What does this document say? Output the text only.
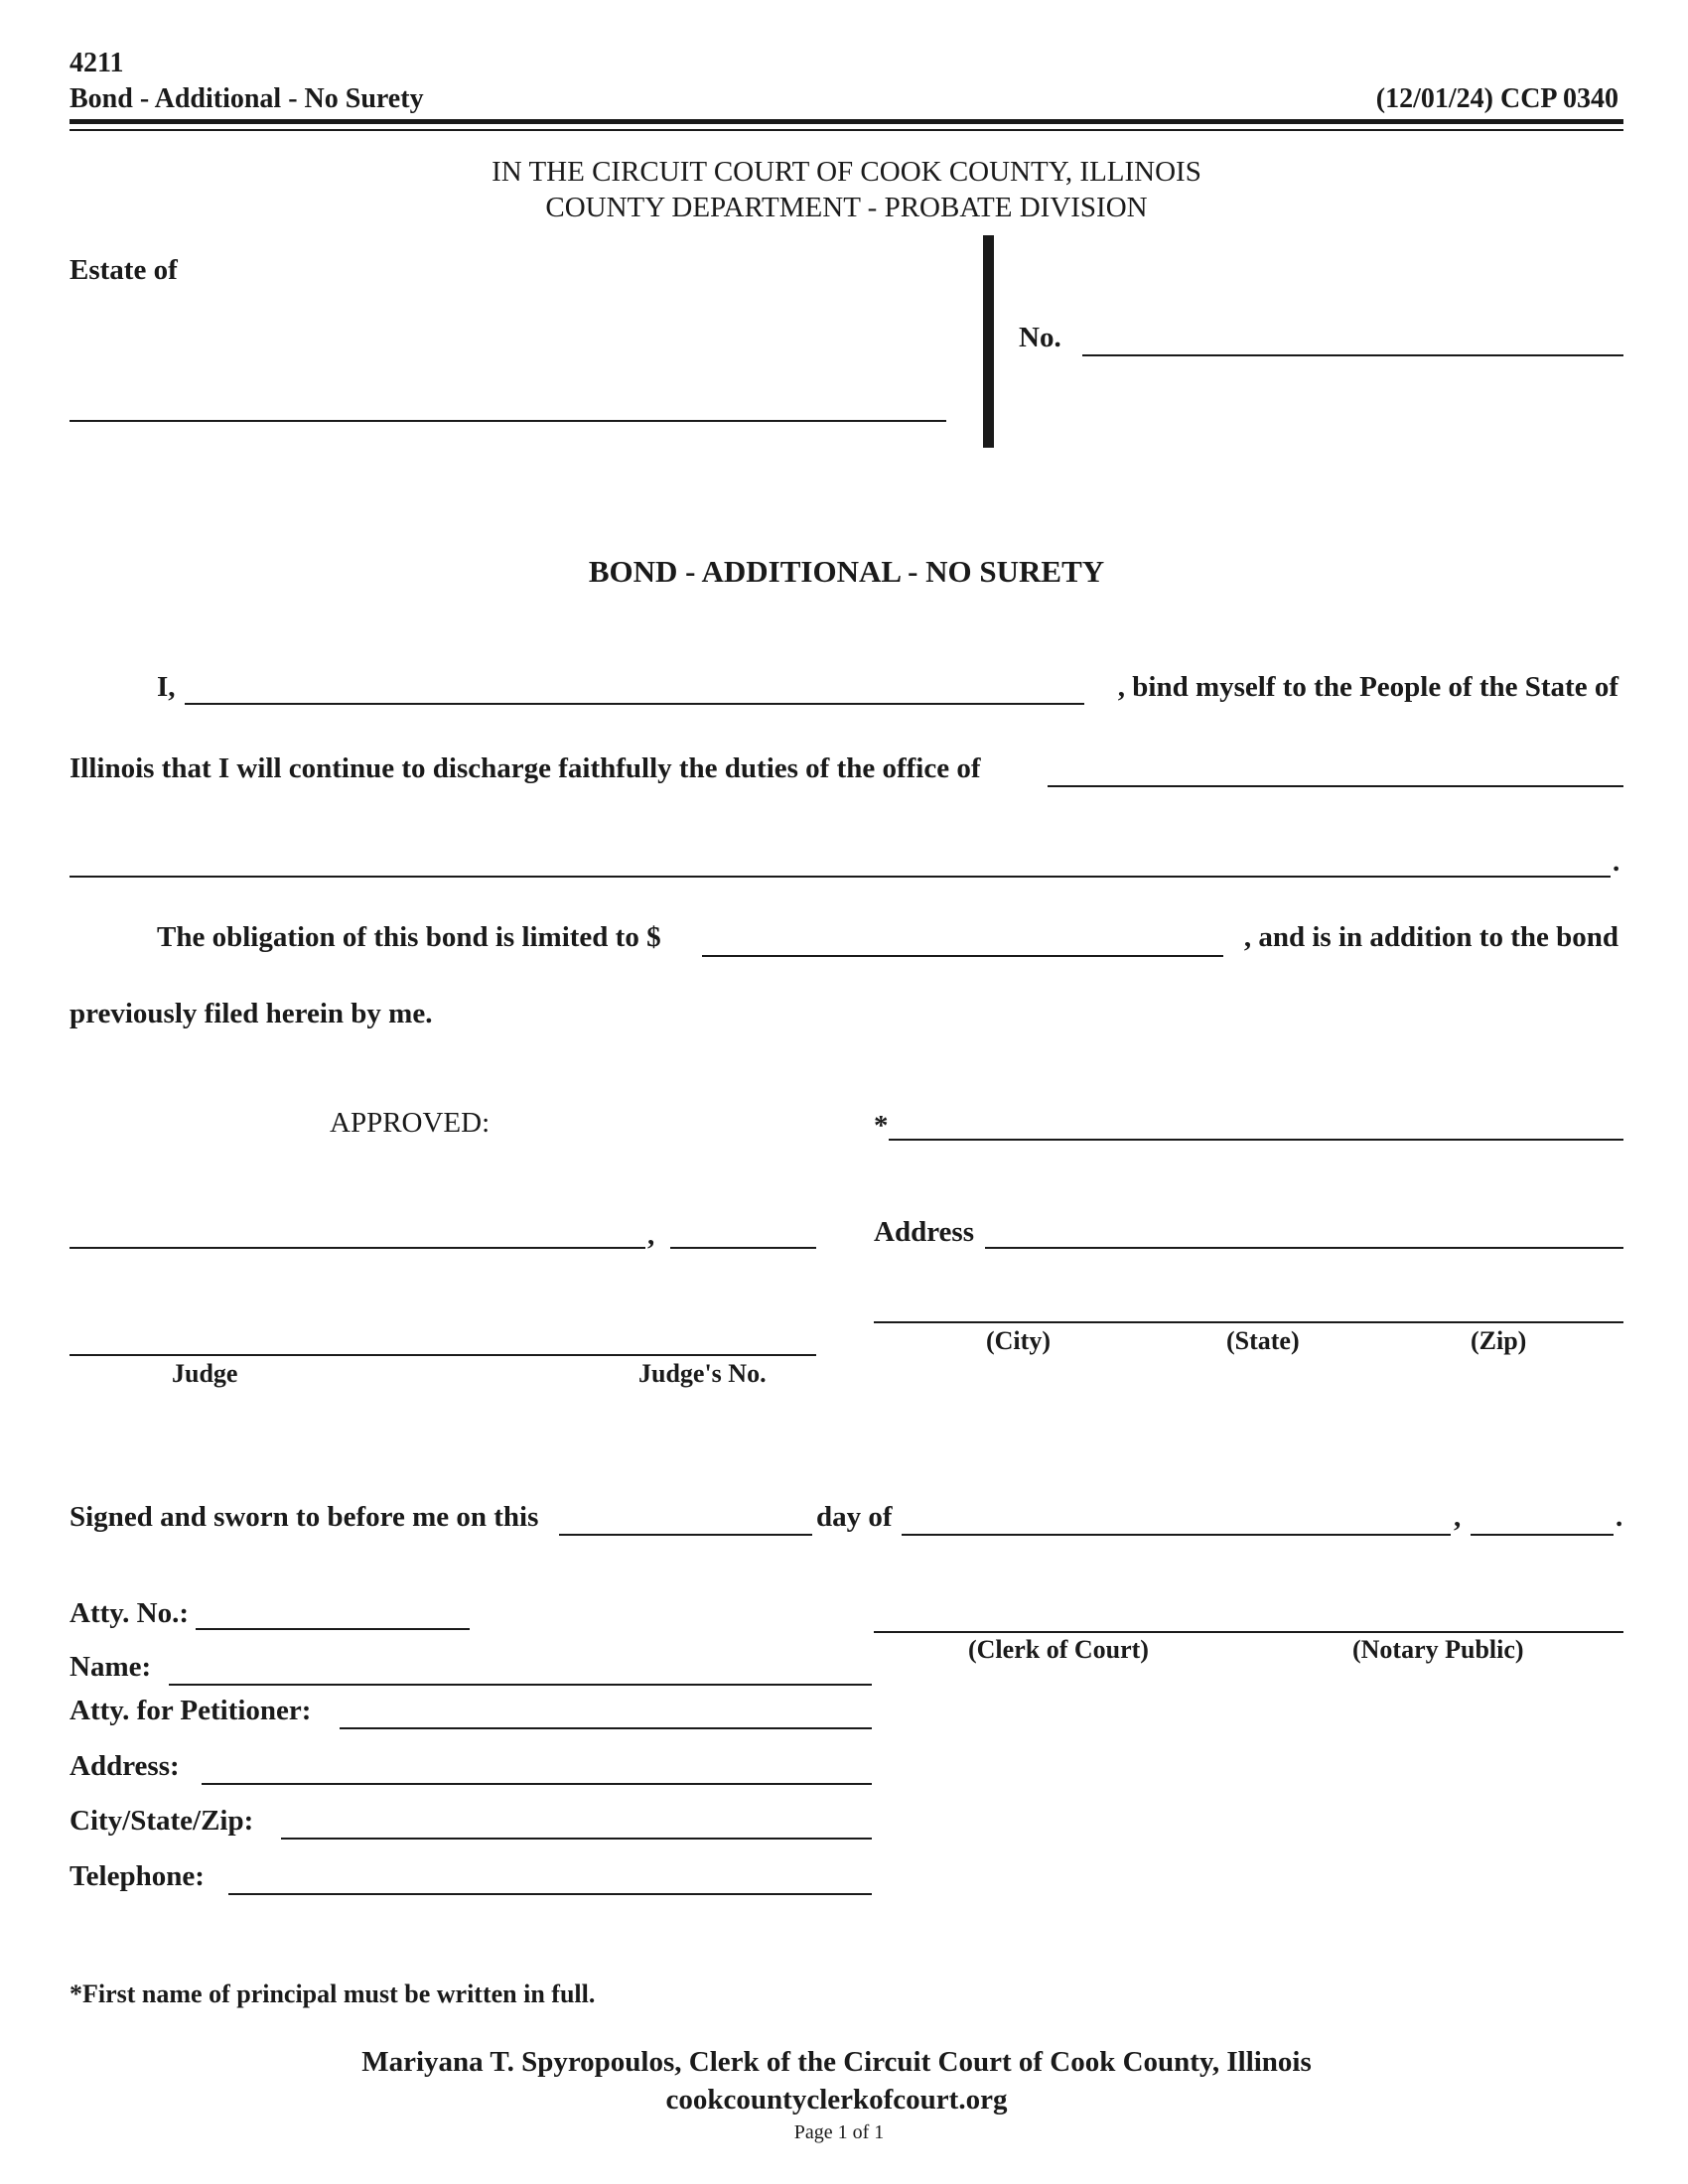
4211
Bond - Additional - No Surety	(12/01/24) CCP 0340
IN THE CIRCUIT COURT OF COOK COUNTY, ILLINOIS
COUNTY DEPARTMENT - PROBATE DIVISION
Estate of
No.
BOND - ADDITIONAL - NO SURETY
I,	, bind myself to the People of the State of
Illinois that I will continue to discharge faithfully the duties of the office of
.
The obligation of this bond is limited to $	, and is in addition to the bond
previously filed herein by me.
APPROVED:	*
,	Address
(City)	(State)	(Zip)
Judge	Judge's No.
Signed and sworn to before me on this	day of	,	.
Atty. No.:
Name:
Atty. for Petitioner:
Address:
City/State/Zip:
Telephone:
(Clerk of Court)	(Notary Public)
*First name of principal must be written in full.
Mariyana T. Spyropoulos, Clerk of the Circuit Court of Cook County, Illinois
cookcountyclerkofcourt.org
Page 1 of 1
